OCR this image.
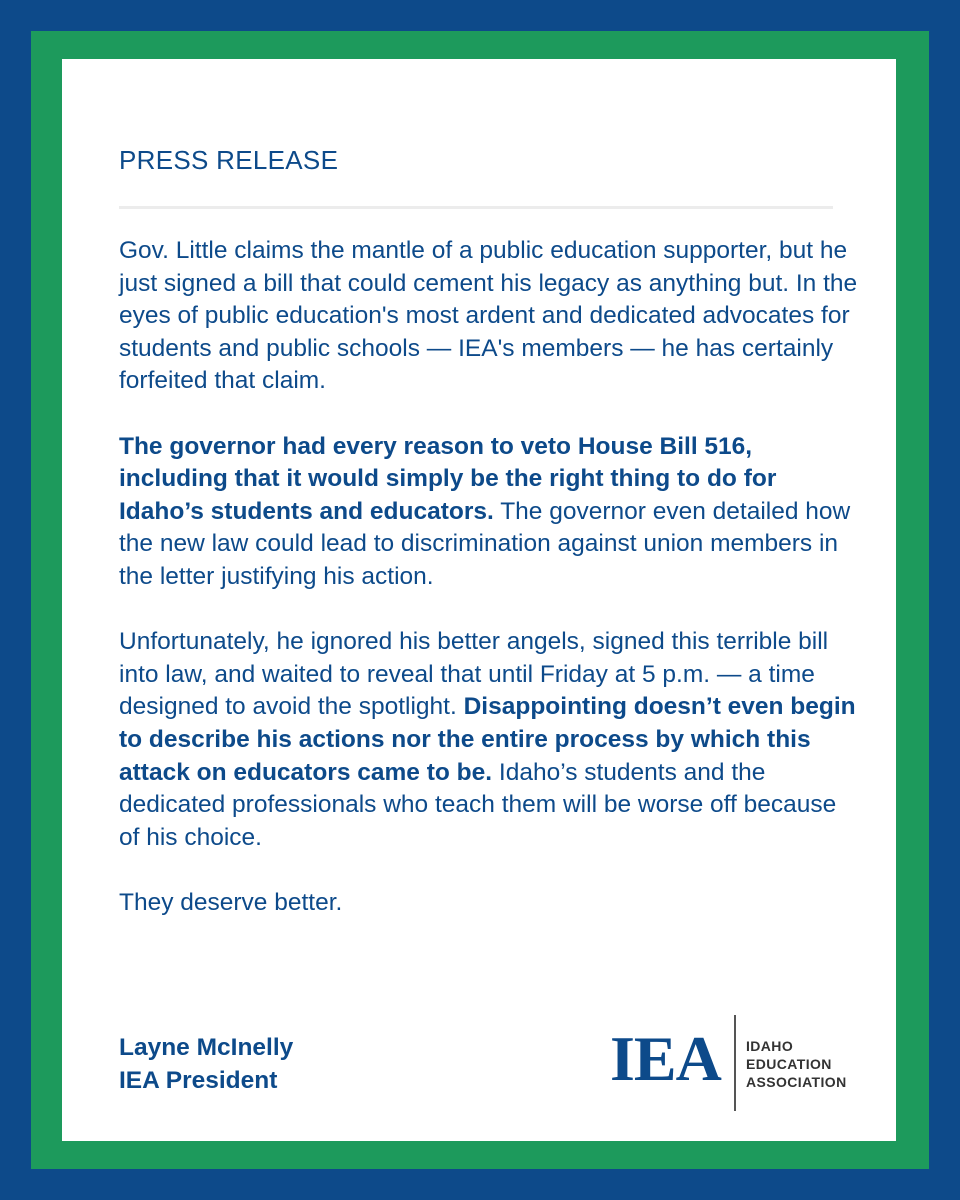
PRESS RELEASE

Gov. Little claims the mantle of a public education supporter, but he just signed a bill that could cement his legacy as anything but. In the eyes of public education's most ardent and dedicated advocates for students and public schools — IEA's members — he has certainly forfeited that claim.

The governor had every reason to veto House Bill 516, including that it would simply be the right thing to do for Idaho’s students and educators. The governor even detailed how the new law could lead to discrimination against union members in the letter justifying his action.

Unfortunately, he ignored his better angels, signed this terrible bill into law, and waited to reveal that until Friday at 5 p.m. — a time designed to avoid the spotlight. Disappointing doesn’t even begin to describe his actions nor the entire process by which this attack on educators came to be. Idaho’s students and the dedicated professionals who teach them will be worse off because of his choice.

They deserve better.

Layne McInelly
IEA President	IEA IDAHO
EDUCATION
ASSOCIATION
